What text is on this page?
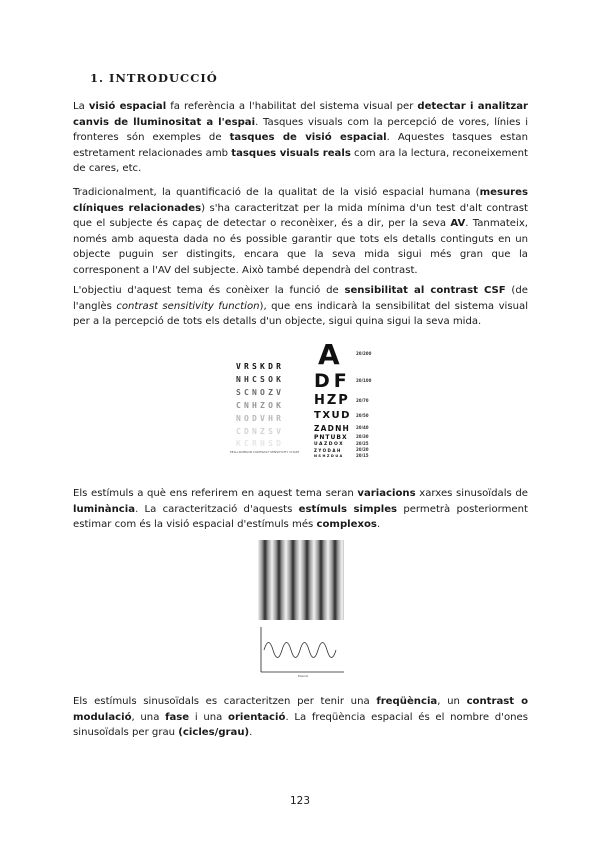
1. INTRODUCCIÓ

La visió espacial fa referència a l'habilitat del sistema visual per detectar i analitzar canvis de lluminositat a l'espai. Tasques visuals com la percepció de vores, línies i fronteres són exemples de tasques de visió espacial. Aquestes tasques estan estretament relacionades amb tasques visuals reals com ara la lectura, reconeixement de cares, etc.

Tradicionalment, la quantificació de la qualitat de la visió espacial humana (mesures clíniques relacionades) s'ha caracteritzat per la mida mínima d'un test d'alt contrast que el subjecte és capaç de detectar o reconèixer, és a dir, per la seva AV. Tanmateix, només amb aquesta dada no és possible garantir que tots els detalls continguts en un objecte puguin ser distingits, encara que la seva mida sigui més gran que la corresponent a l'AV del subjecte. Això també dependrà del contrast.

L'objectiu d'aquest tema és conèixer la funció de sensibilitat al contrast CSF (de l'anglès contrast sensitivity function), que ens indicarà la sensibilitat del sistema visual per a la percepció de tots els detalls d'un objecte, sigui quina sigui la seva mida.

VRSKDR
NHCSOK
SCNOZV
CNHZOK
NODVHR
CDNZSV
KCRHSD
PELLI-ROBSON CONTRAST SENSITIVITY CHART
A
DF
HZP
TXUD
ZADNH
PNTUBX
UAZDOX
ZYODAH
NSHZDUA
20/200
20/100
20/70
20/50
20/40
20/30
20/25
20/20
20/15

Els estímuls a què ens referirem en aquest tema seran variacions xarxes sinusoïdals de luminància. La caracterització d'aquests estímuls simples permetrà posteriorment estimar com és la visió espacial d'estímuls més complexos.

Posició

Els estímuls sinusoïdals es caracteritzen per tenir una freqüència, un contrast o modulació, una fase i una orientació. La freqüència espacial és el nombre d'ones sinusoïdals per grau (cicles/grau).

123
